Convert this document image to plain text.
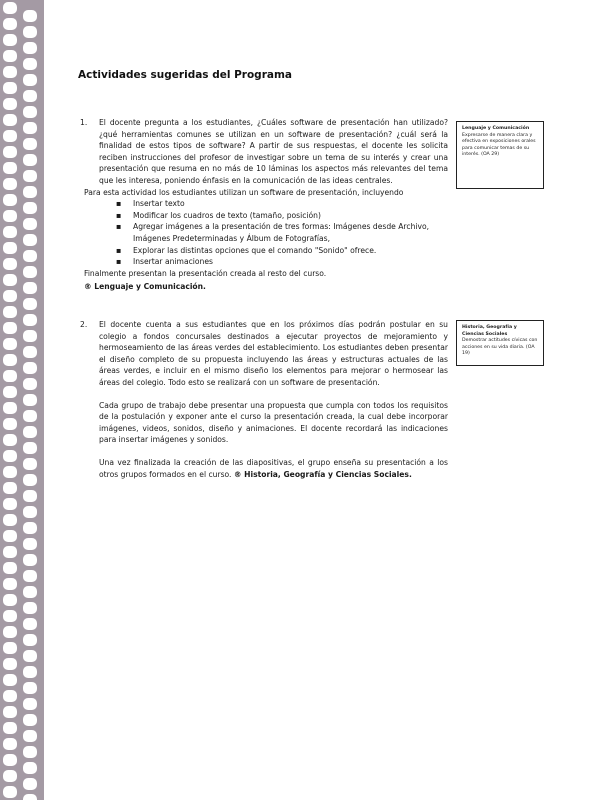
Actividades sugeridas del Programa
1. El docente pregunta a los estudiantes, ¿Cuáles software de presentación han utilizado? ¿qué herramientas comunes se utilizan en un software de presentación? ¿cuál será la finalidad de estos tipos de software? A partir de sus respuestas, el docente les solicita reciben instrucciones del profesor de investigar sobre un tema de su interés y crear una presentación que resuma en no más de 10 láminas los aspectos más relevantes del tema que les interesa, poniendo énfasis en la comunicación de las ideas centrales.

Para esta actividad los estudiantes utilizan un software de presentación, incluyendo

▪ Insertar texto
▪ Modificar los cuadros de texto (tamaño, posición)
▪ Agregar imágenes a la presentación de tres formas: Imágenes desde Archivo, Imágenes Predeterminadas y Álbum de Fotografías,
▪ Explorar las distintas opciones que el comando "Sonido" ofrece.
▪ Insertar animaciones

Finalmente presentan la presentación creada al resto del curso.

® Lenguaje y Comunicación.

2. El docente cuenta a sus estudiantes que en los próximos días podrán postular en su colegio a fondos concursales destinados a ejecutar proyectos de mejoramiento y hermoseamiento de las áreas verdes del establecimiento. Los estudiantes deben presentar el diseño completo de su propuesta incluyendo las áreas y estructuras actuales de las áreas verdes, e incluir en el mismo diseño los elementos para mejorar o hermosear las áreas del colegio. Todo esto se realizará con un software de presentación.

Cada grupo de trabajo debe presentar una propuesta que cumpla con todos los requisitos de la postulación y exponer ante el curso la presentación creada, la cual debe incorporar imágenes, videos, sonidos, diseño y animaciones. El docente recordará las indicaciones para insertar imágenes y sonidos.

Una vez finalizada la creación de las diapositivas, el grupo enseña su presentación a los otros grupos formados en el curso. ® Historia, Geografía y Ciencias Sociales.

Lenguaje y Comunicación
Expresarse de manera clara y efectiva en exposiciones orales para comunicar temas de su interés. (OA 29)
Historia, Geografía y Ciencias Sociales
Demostrar actitudes cívicas con acciones en su vida diaria. (OA 19)
